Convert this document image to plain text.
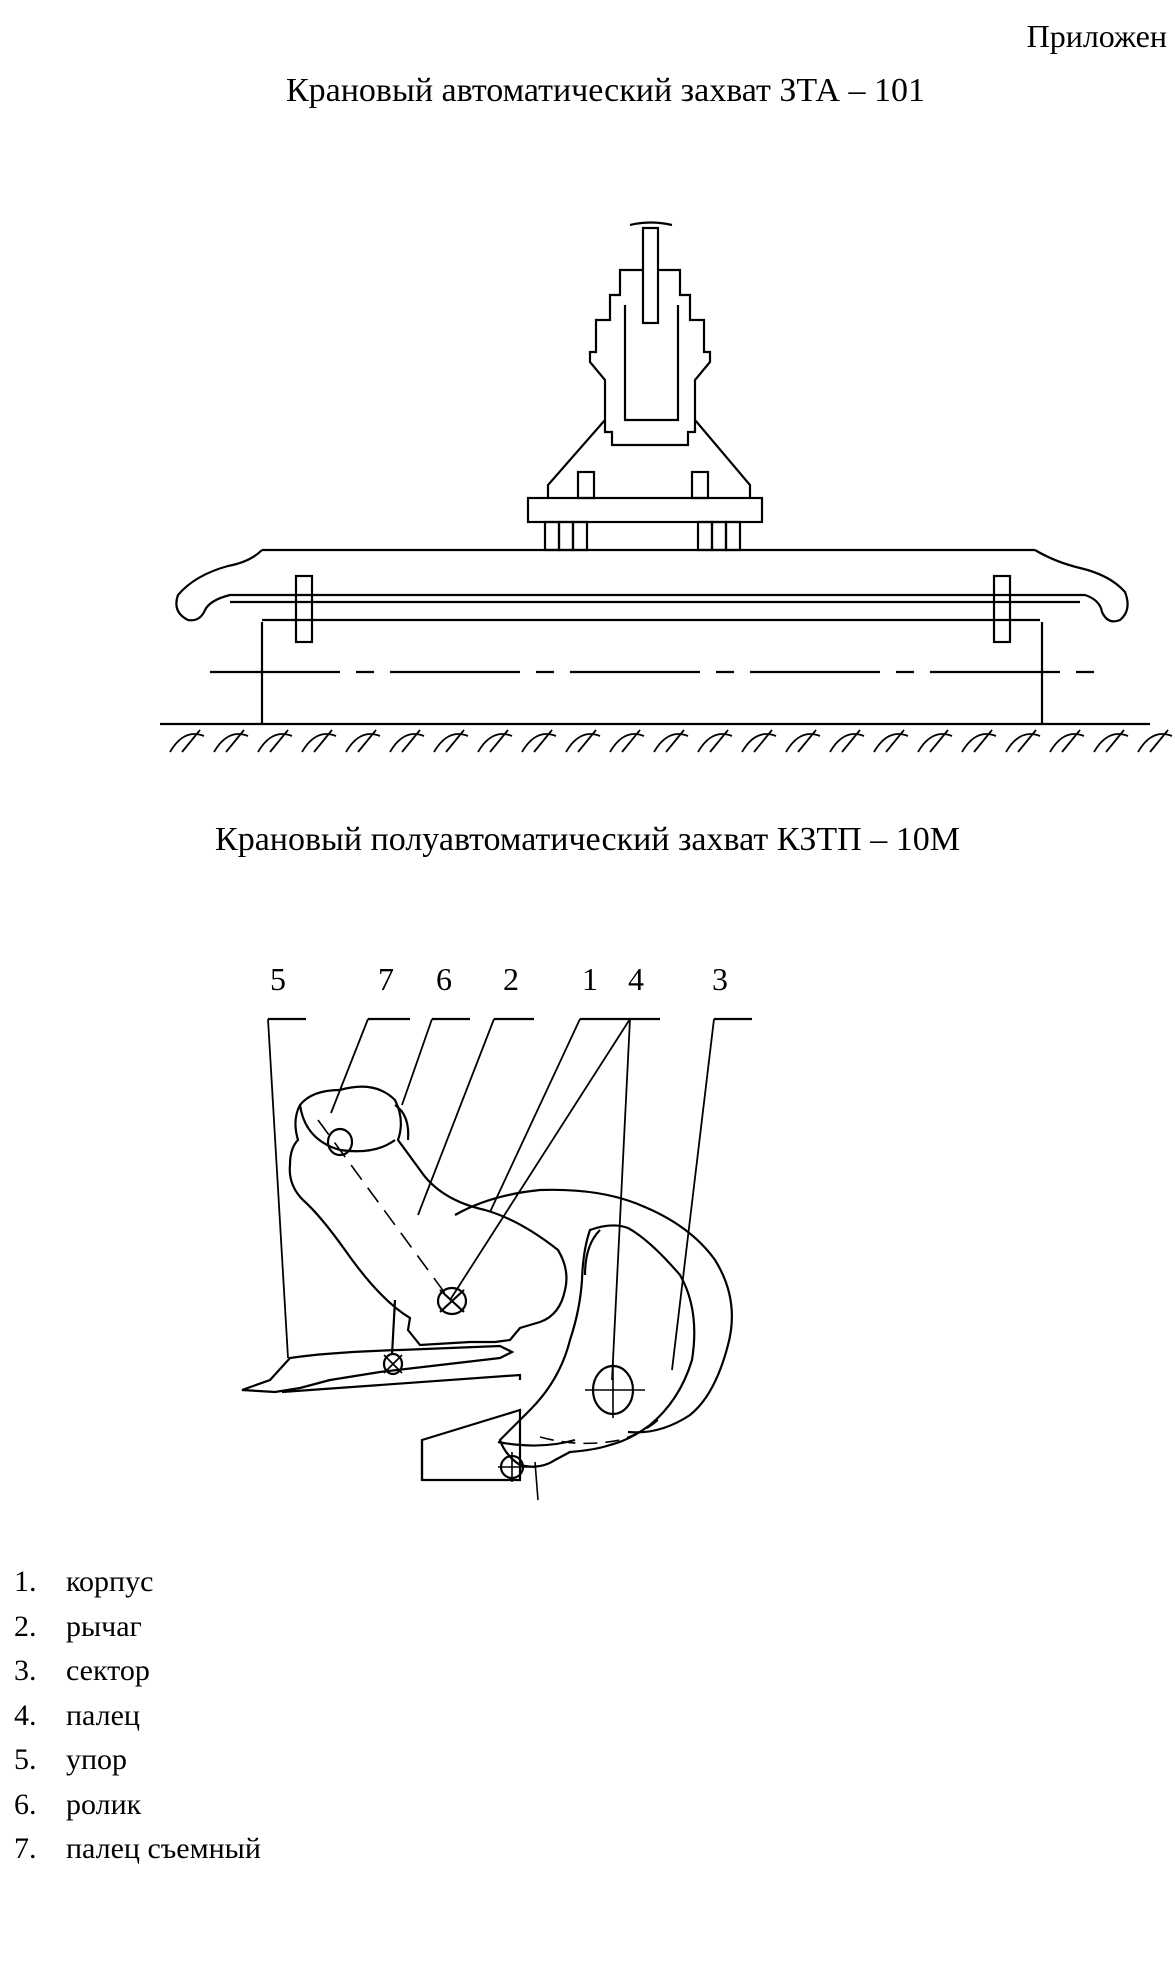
Приложен
Крановый автоматический захват ЗТА – 101
Крановый полуавтоматический захват КЗТП – 10М
5	7 6 2 1 4 3
1. корпус
2. рычаг
3. сектор
4. палец
5. упор
6. ролик
7. палец съемный
